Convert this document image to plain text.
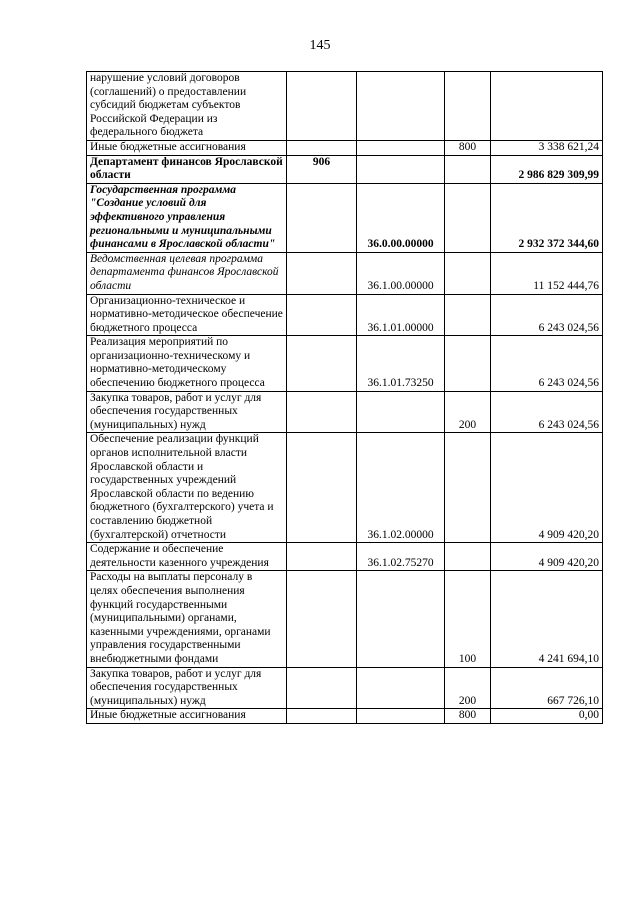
145
нарушение условий договоров (соглашений) о предоставлении субсидий бюджетам субъектов Российской Федерации из федерального бюджета				
Иные бюджетные ассигнования			800	3 338 621,24
Департамент финансов Ярославской области	906			2 986 829 309,99
Государственная программа "Создание условий для эффективного управления региональными и муниципальными финансами в Ярославской области"		36.0.00.00000		2 932 372 344,60
Ведомственная целевая программа департамента финансов Ярославской области		36.1.00.00000		11 152 444,76
Организационно-техническое и нормативно-методическое обеспечение бюджетного процесса		36.1.01.00000		6 243 024,56
Реализация мероприятий по организационно-техническому и нормативно-методическому обеспечению бюджетного процесса		36.1.01.73250		6 243 024,56
Закупка товаров, работ и услуг для обеспечения государственных (муниципальных) нужд			200	6 243 024,56
Обеспечение реализации функций органов исполнительной власти Ярославской области и государственных учреждений Ярославской области по ведению бюджетного (бухгалтерского) учета и составлению бюджетной (бухгалтерской) отчетности		36.1.02.00000		4 909 420,20
Содержание и обеспечение деятельности казенного учреждения		36.1.02.75270		4 909 420,20
Расходы на выплаты персоналу в целях обеспечения выполнения функций государственными (муниципальными) органами, казенными учреждениями, органами управления государственными внебюджетными фондами			100	4 241 694,10
Закупка товаров, работ и услуг для обеспечения государственных (муниципальных) нужд			200	667 726,10
Иные бюджетные ассигнования			800	0,00
